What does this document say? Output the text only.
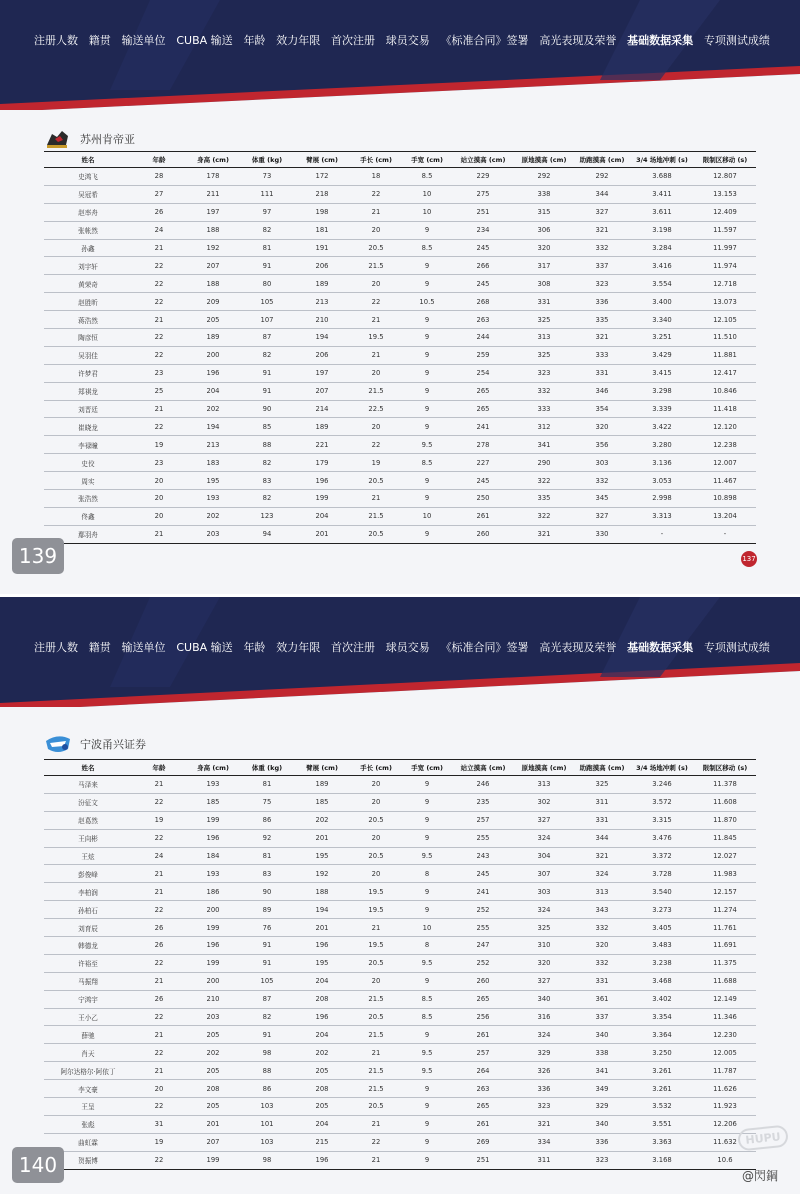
注册人数 籍贯 输送单位 CUBA 输送 年龄 效力年限 首次注册 球员交易 《标准合同》签署 高光表现及荣誉 基础数据采集 专项测试成绩
苏州肯帝亚
姓名	年龄	身高 (cm)	体重 (kg)	臂展 (cm)	手长 (cm)	手宽 (cm)	站立摸高 (cm)	原地摸高 (cm)	助跑摸高 (cm)	3/4 场地冲刺 (s)	限制区移动 (s)
史鸿飞	28	178	73	172	18	8.5	229	292	292	3.688	12.807
吴冠希	27	211	111	218	22	10	275	338	344	3.411	13.153
赵率舟	26	197	97	198	21	10	251	315	327	3.611	12.409
张帐然	24	188	82	181	20	9	234	306	321	3.198	11.597
孙鑫	21	192	81	191	20.5	8.5	245	320	332	3.284	11.997
刘宇轩	22	207	91	206	21.5	9	266	317	337	3.416	11.974
黄荣奇	22	188	80	189	20	9	245	308	323	3.554	12.718
赵胜昕	22	209	105	213	22	10.5	268	331	336	3.400	13.073
蒋浩然	21	205	107	210	21	9	263	325	335	3.340	12.105
陶彦恒	22	189	87	194	19.5	9	244	313	321	3.251	11.510
吴羽佳	22	200	82	206	21	9	259	325	333	3.429	11.881
许梦君	23	196	91	197	20	9	254	323	331	3.415	12.417
郑祺龙	25	204	91	207	21.5	9	265	332	346	3.298	10.846
刘晋廷	21	202	90	214	22.5	9	265	333	354	3.339	11.418
崔晓龙	22	194	85	189	20	9	241	312	320	3.422	12.120
李禄瞳	19	213	88	221	22	9.5	278	341	356	3.280	12.238
史佼	23	183	82	179	19	8.5	227	290	303	3.136	12.007
周实	20	195	83	196	20.5	9	245	322	332	3.053	11.467
张浩然	20	193	82	199	21	9	250	335	345	2.998	10.898
佟鑫	20	202	123	204	21.5	10	261	322	327	3.313	13.204
鄢羽舟	21	203	94	201	20.5	9	260	321	330	-	-
139	137
注册人数 籍贯 输送单位 CUBA 输送 年龄 效力年限 首次注册 球员交易 《标准合同》签署 高光表现及荣誉 基础数据采集 专项测试成绩
宁波甬兴证券
姓名	年龄	身高 (cm)	体重 (kg)	臂展 (cm)	手长 (cm)	手宽 (cm)	站立摸高 (cm)	原地摸高 (cm)	助跑摸高 (cm)	3/4 场地冲刺 (s)	限制区移动 (s)
马泽来	21	193	81	189	20	9	246	313	325	3.246	11.378
汾征文	22	185	75	185	20	9	235	302	311	3.572	11.608
赵葛然	19	199	86	202	20.5	9	257	327	331	3.315	11.870
王向彬	22	196	92	201	20	9	255	324	344	3.476	11.845
王炫	24	184	81	195	20.5	9.5	243	304	321	3.372	12.027
彭俊峰	21	193	83	192	20	8	245	307	324	3.728	11.983
李柏润	21	186	90	188	19.5	9	241	303	313	3.540	12.157
孙柏石	22	200	89	194	19.5	9	252	324	343	3.273	11.274
刘育辰	26	199	76	201	21	10	255	325	332	3.405	11.761
韩德龙	26	196	91	196	19.5	8	247	310	320	3.483	11.691
许裕至	22	199	91	195	20.5	9.5	252	320	332	3.238	11.375
马振翔	21	200	105	204	20	9	260	327	331	3.468	11.688
宁鸿宇	26	210	87	208	21.5	8.5	265	340	361	3.402	12.149
王小乙	22	203	82	196	20.5	8.5	256	316	337	3.354	11.346
薛驰	21	205	91	204	21.5	9	261	324	340	3.364	12.230
肖天	22	202	98	202	21	9.5	257	329	338	3.250	12.005
阿尔达格尔·阿依丁	21	205	88	205	21.5	9.5	264	326	341	3.261	11.787
李文豪	20	208	86	208	21.5	9	263	336	349	3.261	11.626
王呈	22	205	103	205	20.5	9	265	323	329	3.532	11.923
张彪	31	201	101	204	21	9	261	321	340	3.551	12.206
曲虹霖	19	207	103	215	22	9	269	334	336	3.363	11.632
贺振博	22	199	98	196	21	9	251	311	323	3.168	10.6
140
HUPU
@閃鋼
